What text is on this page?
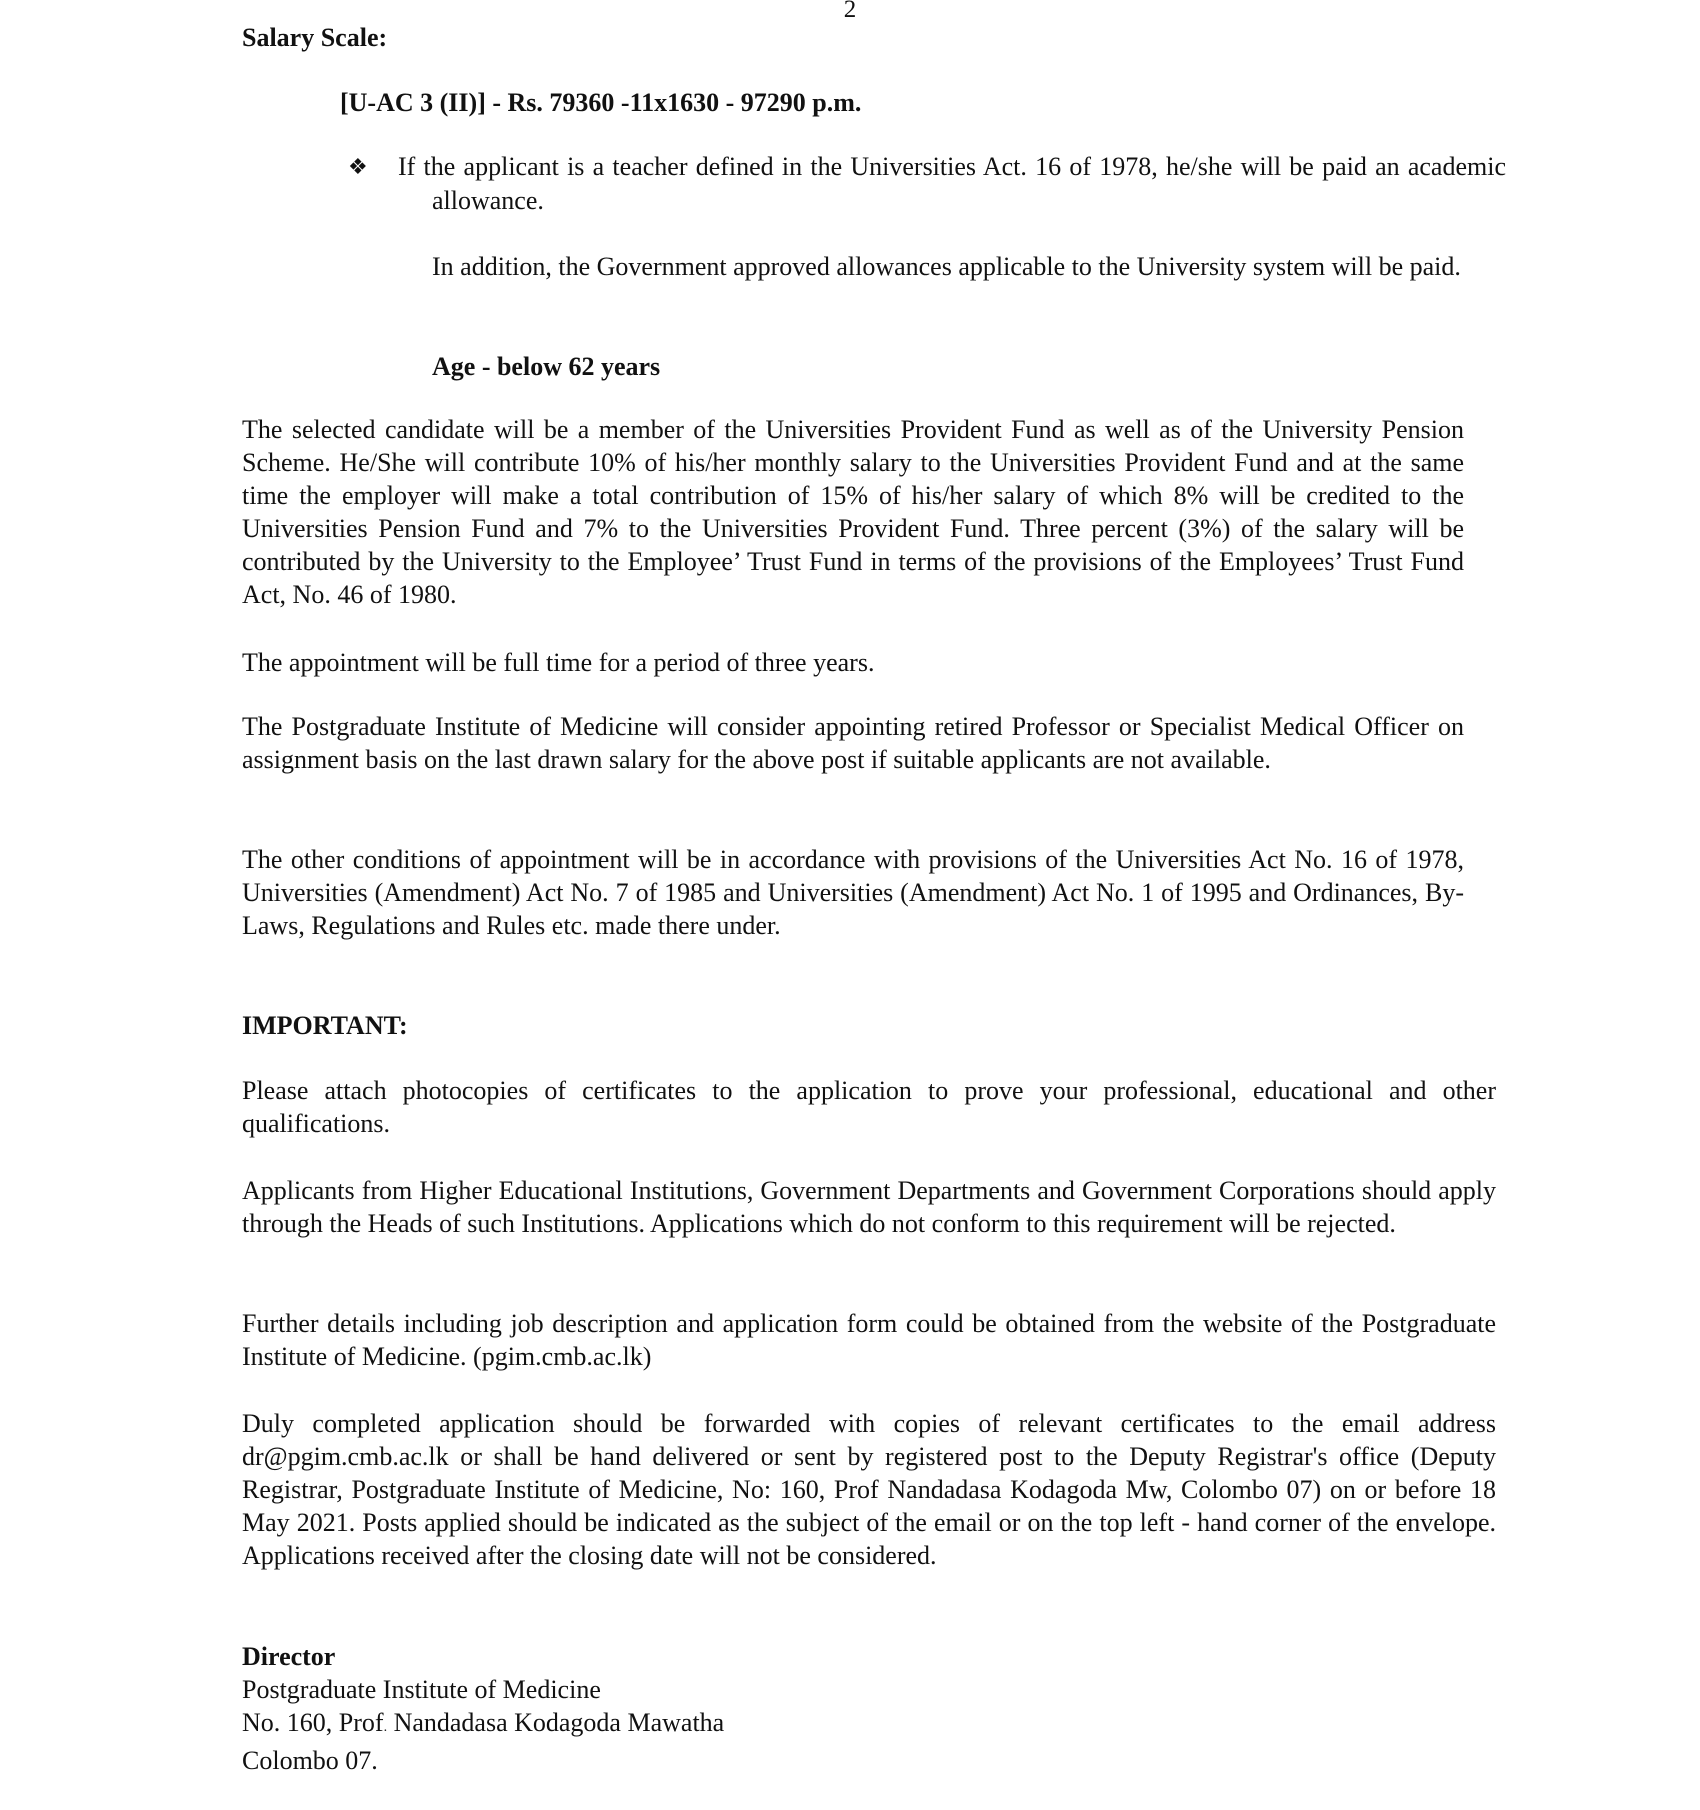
2
Salary Scale:
[U-AC 3 (II)] - Rs. 79360 -11x1630 - 97290 p.m.
❖ If the applicant is a teacher defined in the Universities Act. 16 of 1978, he/she will be paid an academic allowance.
In addition, the Government approved allowances applicable to the University system will be paid.
Age - below 62 years

The selected candidate will be a member of the Universities Provident Fund as well as of the University Pension Scheme. He/She will contribute 10% of his/her monthly salary to the Universities Provident Fund and at the same time the employer will make a total contribution of 15% of his/her salary of which 8% will be credited to the Universities Pension Fund and 7% to the Universities Provident Fund. Three percent (3%) of the salary will be contributed by the University to the Employee’ Trust Fund in terms of the provisions of the Employees’ Trust Fund Act, No. 46 of 1980.

The appointment will be full time for a period of three years.

The Postgraduate Institute of Medicine will consider appointing retired Professor or Specialist Medical Officer on assignment basis on the last drawn salary for the above post if suitable applicants are not available.

The other conditions of appointment will be in accordance with provisions of the Universities Act No. 16 of 1978, Universities (Amendment) Act No. 7 of 1985 and Universities (Amendment) Act No. 1 of 1995 and Ordinances, By-Laws, Regulations and Rules etc. made there under.

IMPORTANT:

Please attach photocopies of certificates to the application to prove your professional, educational and other qualifications.

Applicants from Higher Educational Institutions, Government Departments and Government Corporations should apply through the Heads of such Institutions. Applications which do not conform to this requirement will be rejected.

Further details including job description and application form could be obtained from the website of the Postgraduate Institute of Medicine. (pgim.cmb.ac.lk)

Duly completed application should be forwarded with copies of relevant certificates to the email address dr@pgim.cmb.ac.lk or shall be hand delivered or sent by registered post to the Deputy Registrar's office (Deputy Registrar, Postgraduate Institute of Medicine, No: 160, Prof Nandadasa Kodagoda Mw, Colombo 07) on or before 18 May 2021. Posts applied should be indicated as the subject of the email or on the top left - hand corner of the envelope. Applications received after the closing date will not be considered.

Director
Postgraduate Institute of Medicine
No. 160, Prof. Nandadasa Kodagoda Mawatha
Colombo 07.
